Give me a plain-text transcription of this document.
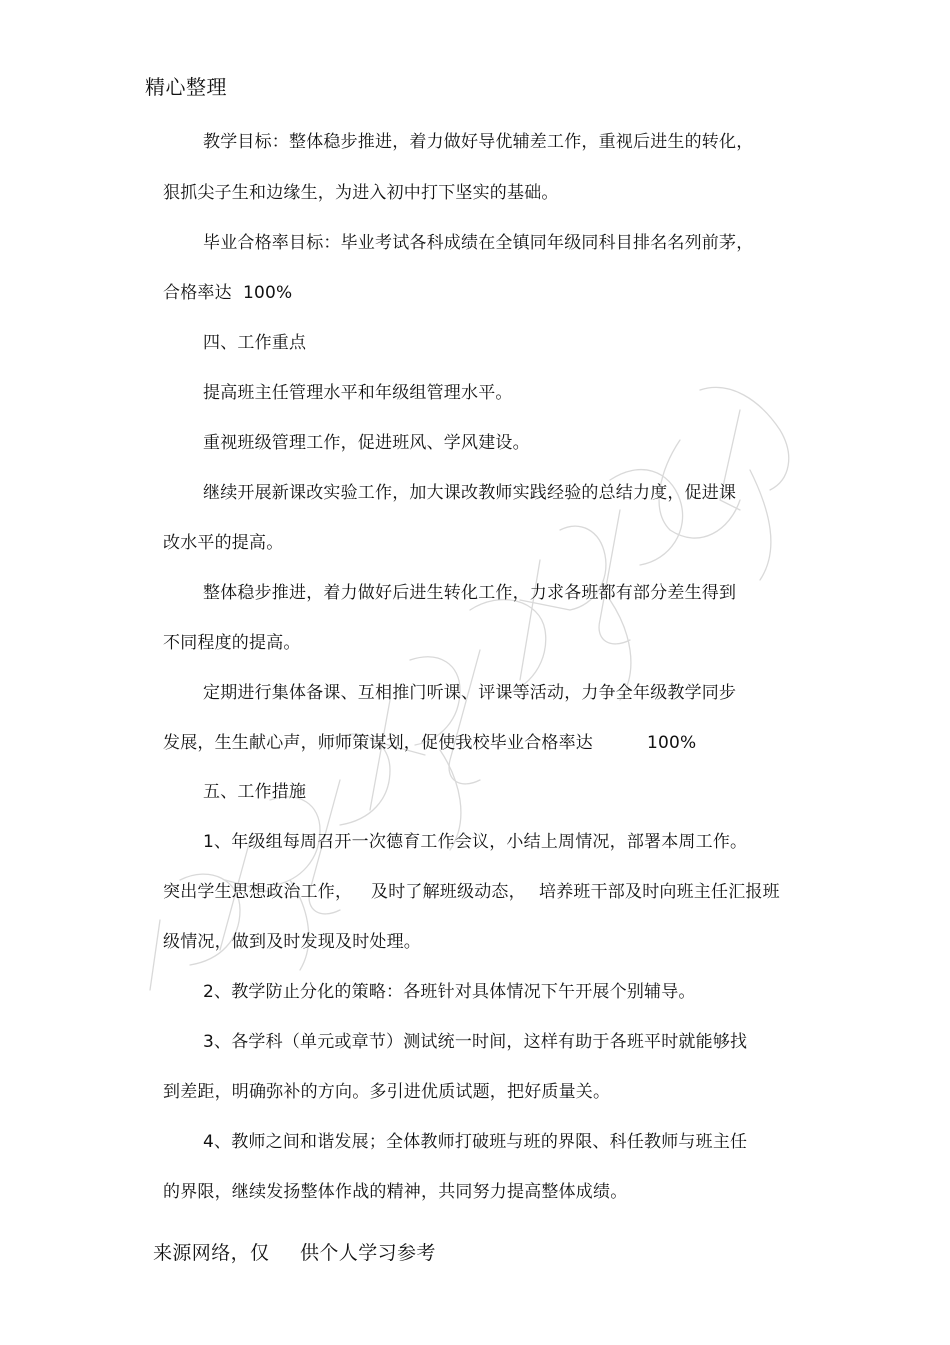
精心整理
教学目标：整体稳步推进，着力做好导优辅差工作，重视后进生的转化，
狠抓尖子生和边缘生，为进入初中打下坚实的基础。
毕业合格率目标：毕业考试各科成绩在全镇同年级同科目排名名列前茅，
合格率达  100%
四、工作重点
提高班主任管理水平和年级组管理水平。
重视班级管理工作，促进班风、学风建设。
继续开展新课改实验工作，加大课改教师实践经验的总结力度，促进课
改水平的提高。
整体稳步推进，着力做好后进生转化工作，力求各班都有部分差生得到
不同程度的提高。
定期进行集体备课、互相推门听课、评课等活动，力争全年级教学同步
发展，生生献心声，师师策谋划，促使我校毕业合格率达	100%
五、工作措施
1、年级组每周召开一次德育工作会议，小结上周情况，部署本周工作。
突出学生思想政治工作， 及时了解班级动态， 培养班干部及时向班主任汇报班
级情况，做到及时发现及时处理。
2、教学防止分化的策略：各班针对具体情况下午开展个别辅导。
3、各学科（单元或章节）测试统一时间，这样有助于各班平时就能够找
到差距，明确弥补的方向。多引进优质试题，把好质量关。
4、教师之间和谐发展；全体教师打破班与班的界限、科任教师与班主任
的界限，继续发扬整体作战的精神，共同努力提高整体成绩。
来源网络，仅 供个人学习参考
